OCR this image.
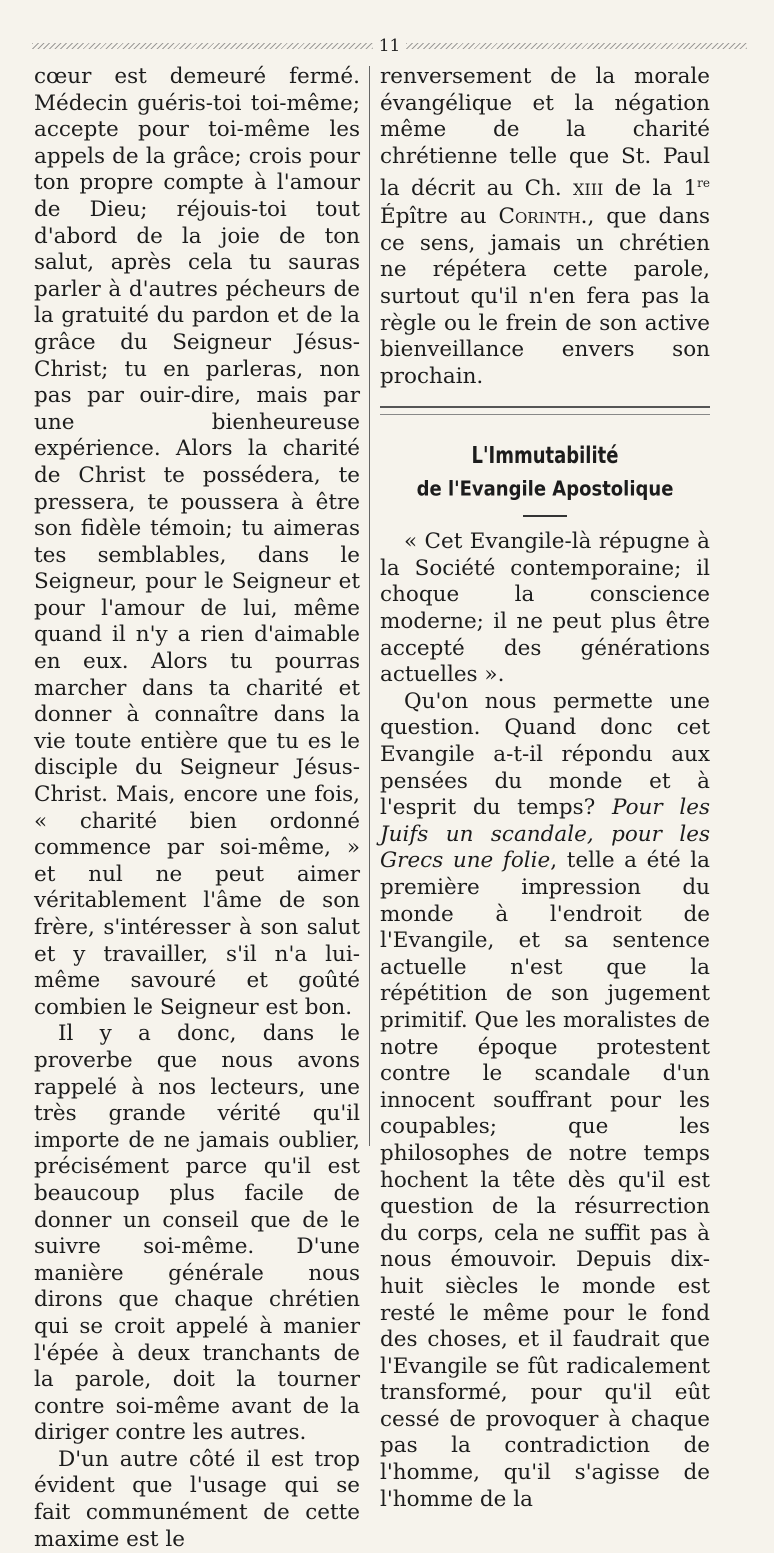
11

cœur est demeuré fermé. Médecin guéris-toi toi-même; accepte pour toi-même les appels de la grâce; crois pour ton propre compte à l'amour de Dieu; réjouis-toi tout d'abord de la joie de ton salut, après cela tu sauras parler à d'autres pécheurs de la gratuité du pardon et de la grâce du Seigneur Jésus-Christ; tu en parleras, non pas par ouir-dire, mais par une bienheureuse expérience. Alors la charité de Christ te possédera, te pressera, te poussera à être son fidèle témoin; tu aimeras tes semblables, dans le Seigneur, pour le Seigneur et pour l'amour de lui, même quand il n'y a rien d'aimable en eux. Alors tu pourras marcher dans ta charité et donner à connaître dans la vie toute entière que tu es le disciple du Seigneur Jésus-Christ. Mais, encore une fois, « charité bien ordonné commence par soi-même, » et nul ne peut aimer véritablement l'âme de son frère, s'intéresser à son salut et y travailler, s'il n'a lui-même savouré et goûté combien le Seigneur est bon.

Il y a donc, dans le proverbe que nous avons rappelé à nos lecteurs, une très grande vérité qu'il importe de ne jamais oublier, précisément parce qu'il est beaucoup plus facile de donner un conseil que de le suivre soi-même. D'une manière générale nous dirons que chaque chrétien qui se croit appelé à manier l'épée à deux tranchants de la parole, doit la tourner contre soi-même avant de la diriger contre les autres.

D'un autre côté il est trop évident que l'usage qui se fait communément de cette maxime est le

renversement de la morale évangélique et la négation même de la charité chrétienne telle que St. Paul la décrit au Ch. XIII de la 1re Épître au Corinth., que dans ce sens, jamais un chrétien ne répétera cette parole, surtout qu'il n'en fera pas la règle ou le frein de son active bienveillance envers son prochain.

L'Immutabilité
de l'Evangile Apostolique

« Cet Evangile-là répugne à la Société contemporaine; il choque la conscience moderne; il ne peut plus être accepté des générations actuelles ».

Qu'on nous permette une question. Quand donc cet Evangile a-t-il répondu aux pensées du monde et à l'esprit du temps? Pour les Juifs un scandale, pour les Grecs une folie, telle a été la première impression du monde à l'endroit de l'Evangile, et sa sentence actuelle n'est que la répétition de son jugement primitif. Que les moralistes de notre époque protestent contre le scandale d'un innocent souffrant pour les coupables; que les philosophes de notre temps hochent la tête dès qu'il est question de la résurrection du corps, cela ne suffit pas à nous émouvoir. Depuis dix-huit siècles le monde est resté le même pour le fond des choses, et il faudrait que l'Evangile se fût radicalement transformé, pour qu'il eût cessé de provoquer à chaque pas la contradiction de l'homme, qu'il s'agisse de l'homme de la
